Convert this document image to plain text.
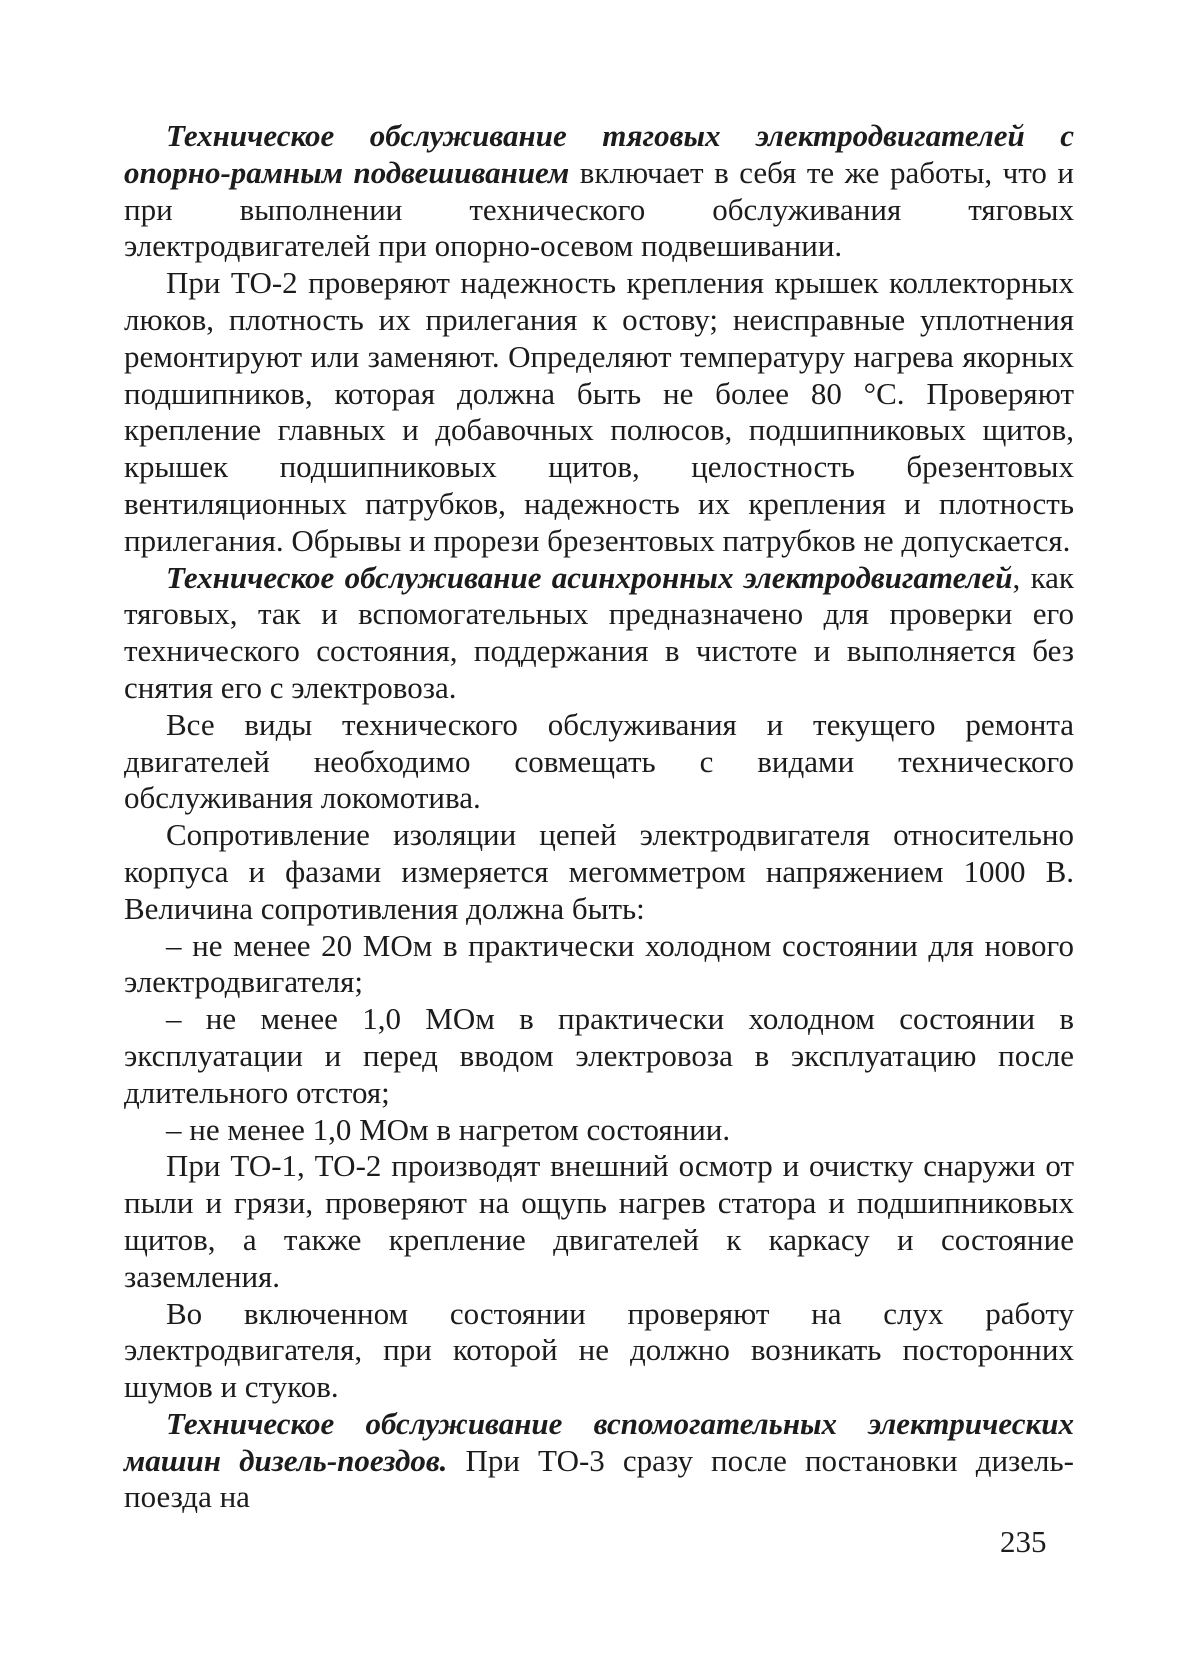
Техническое обслуживание тяговых электродвигателей с опорно-рамным подвешиванием включает в себя те же работы, что и при выполнении технического обслуживания тяговых электродвигателей при опорно-осевом подвешивании.

При ТО-2 проверяют надежность крепления крышек коллекторных люков, плотность их прилегания к остову; неисправные уплотнения ремонтируют или заменяют. Определяют температуру нагрева якорных подшипников, которая должна быть не более 80 °С. Проверяют крепление главных и добавочных полюсов, подшипниковых щитов, крышек подшипниковых щитов, целостность брезентовых вентиляционных патрубков, надежность их крепления и плотность прилегания. Обрывы и прорези брезентовых патрубков не допускается.

Техническое обслуживание асинхронных электродвигателей, как тяговых, так и вспомогательных предназначено для проверки его технического состояния, поддержания в чистоте и выполняется без снятия его с электровоза.

Все виды технического обслуживания и текущего ремонта двигателей необходимо совмещать с видами технического обслуживания локомотива.

Сопротивление изоляции цепей электродвигателя относительно корпуса и фазами измеряется мегомметром напряжением 1000 В. Величина сопротивления должна быть:

– не менее 20 МОм в практически холодном состоянии для нового электродвигателя;

– не менее 1,0 МОм в практически холодном состоянии в эксплуатации и перед вводом электровоза в эксплуатацию после длительного отстоя;

– не менее 1,0 МОм в нагретом состоянии.

При ТО-1, ТО-2 производят внешний осмотр и очистку снаружи от пыли и грязи, проверяют на ощупь нагрев статора и подшипниковых щитов, а также крепление двигателей к каркасу и состояние заземления.

Во включенном состоянии проверяют на слух работу электродвигателя, при которой не должно возникать посторонних шумов и стуков.

Техническое обслуживание вспомогательных электрических машин дизель-поездов. При ТО-3 сразу после постановки дизель-поезда на

235
